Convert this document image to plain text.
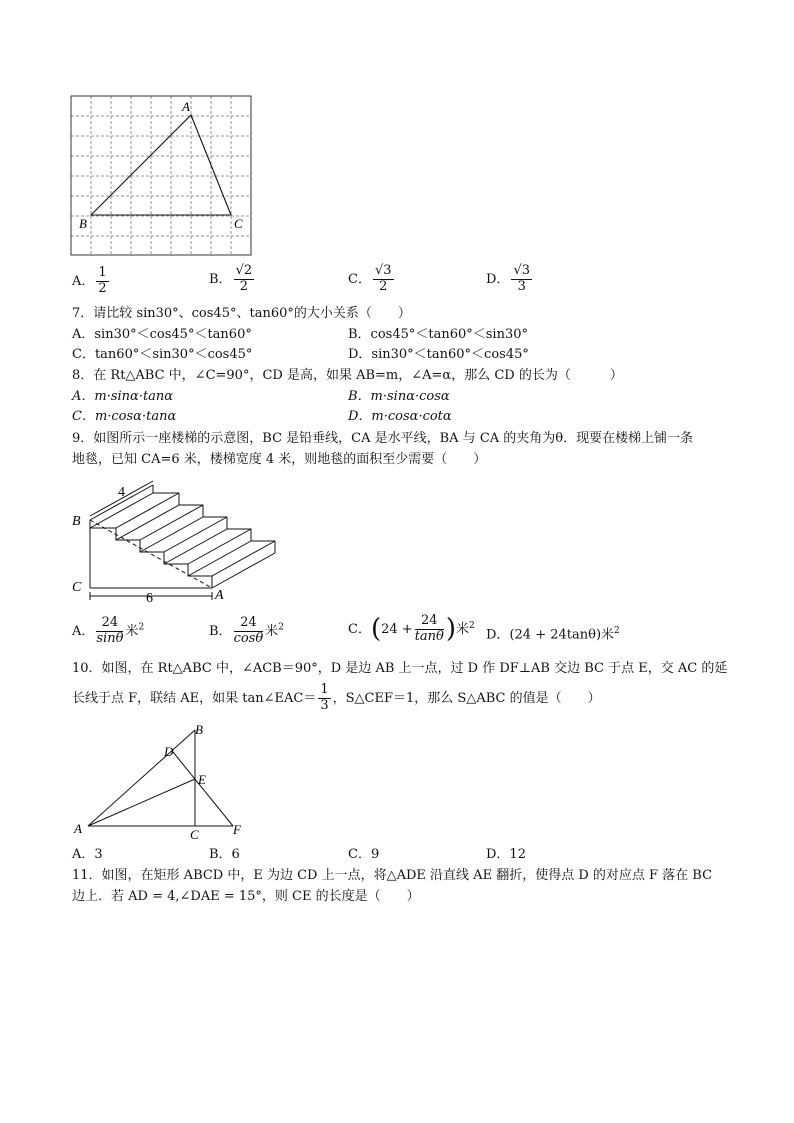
A
B	C
A． $\frac{1}{2}$	B． $\frac{√2}{2}$	C． $\frac{√3}{2}$	D． $\frac{√3}{3}$
7．请比较 sin30°、cos45°、tan60°的大小关系（　　）
A．sin30°＜cos45°＜tan60°	B．cos45°＜tan60°＜sin30°
C．tan60°＜sin30°＜cos45°	D．sin30°＜tan60°＜cos45°
8．在 Rt△ABC 中，∠C=90°，CD 是高，如果 AB=m，∠A=α，那么 CD 的长为（　　　）
A．m·sinα·tanα	B．m·sinα·cosα
C．m·cosα·tanα	D．m·cosα·cotα
9．如图所示一座楼梯的示意图，BC 是铅垂线，CA 是水平线，BA 与 CA 的夹角为θ．现要在楼梯上铺一条
地毯，已知 CA=6 米，楼梯宽度 4 米，则地毯的面积至少需要（　　）
B
C
A
4
6
A． $\frac{24}{\sin\theta}$ 米$^2$	B． $\frac{24}{\cos\theta}$ 米$^2$	C．($24 + \frac{24}{\tan\theta}$ )米$^2$
D．(24 + 24tanθ)米$^2$
10．如图，在 Rt△ABC 中，∠ACB＝90°，D 是边 AB 上一点，过 D 作 DF⊥AB 交边 BC 于点 E，交 AC 的延
长线于点 F，联结 AE，如果 tan∠EAC＝ $\frac{1}{3}$ ，S△CEF＝1，那么 S△ABC 的值是（　　）
B
D
E
A	C	F
A．3	B．6	C．9	D．12
11．如图，在矩形 ABCD 中，E 为边 CD 上一点，将△ADE 沿直线 AE 翻折，使得点 D 的对应点 F 落在 BC
边上．若 AD = 4,∠DAE = 15°，则 CE 的长度是（　　）
